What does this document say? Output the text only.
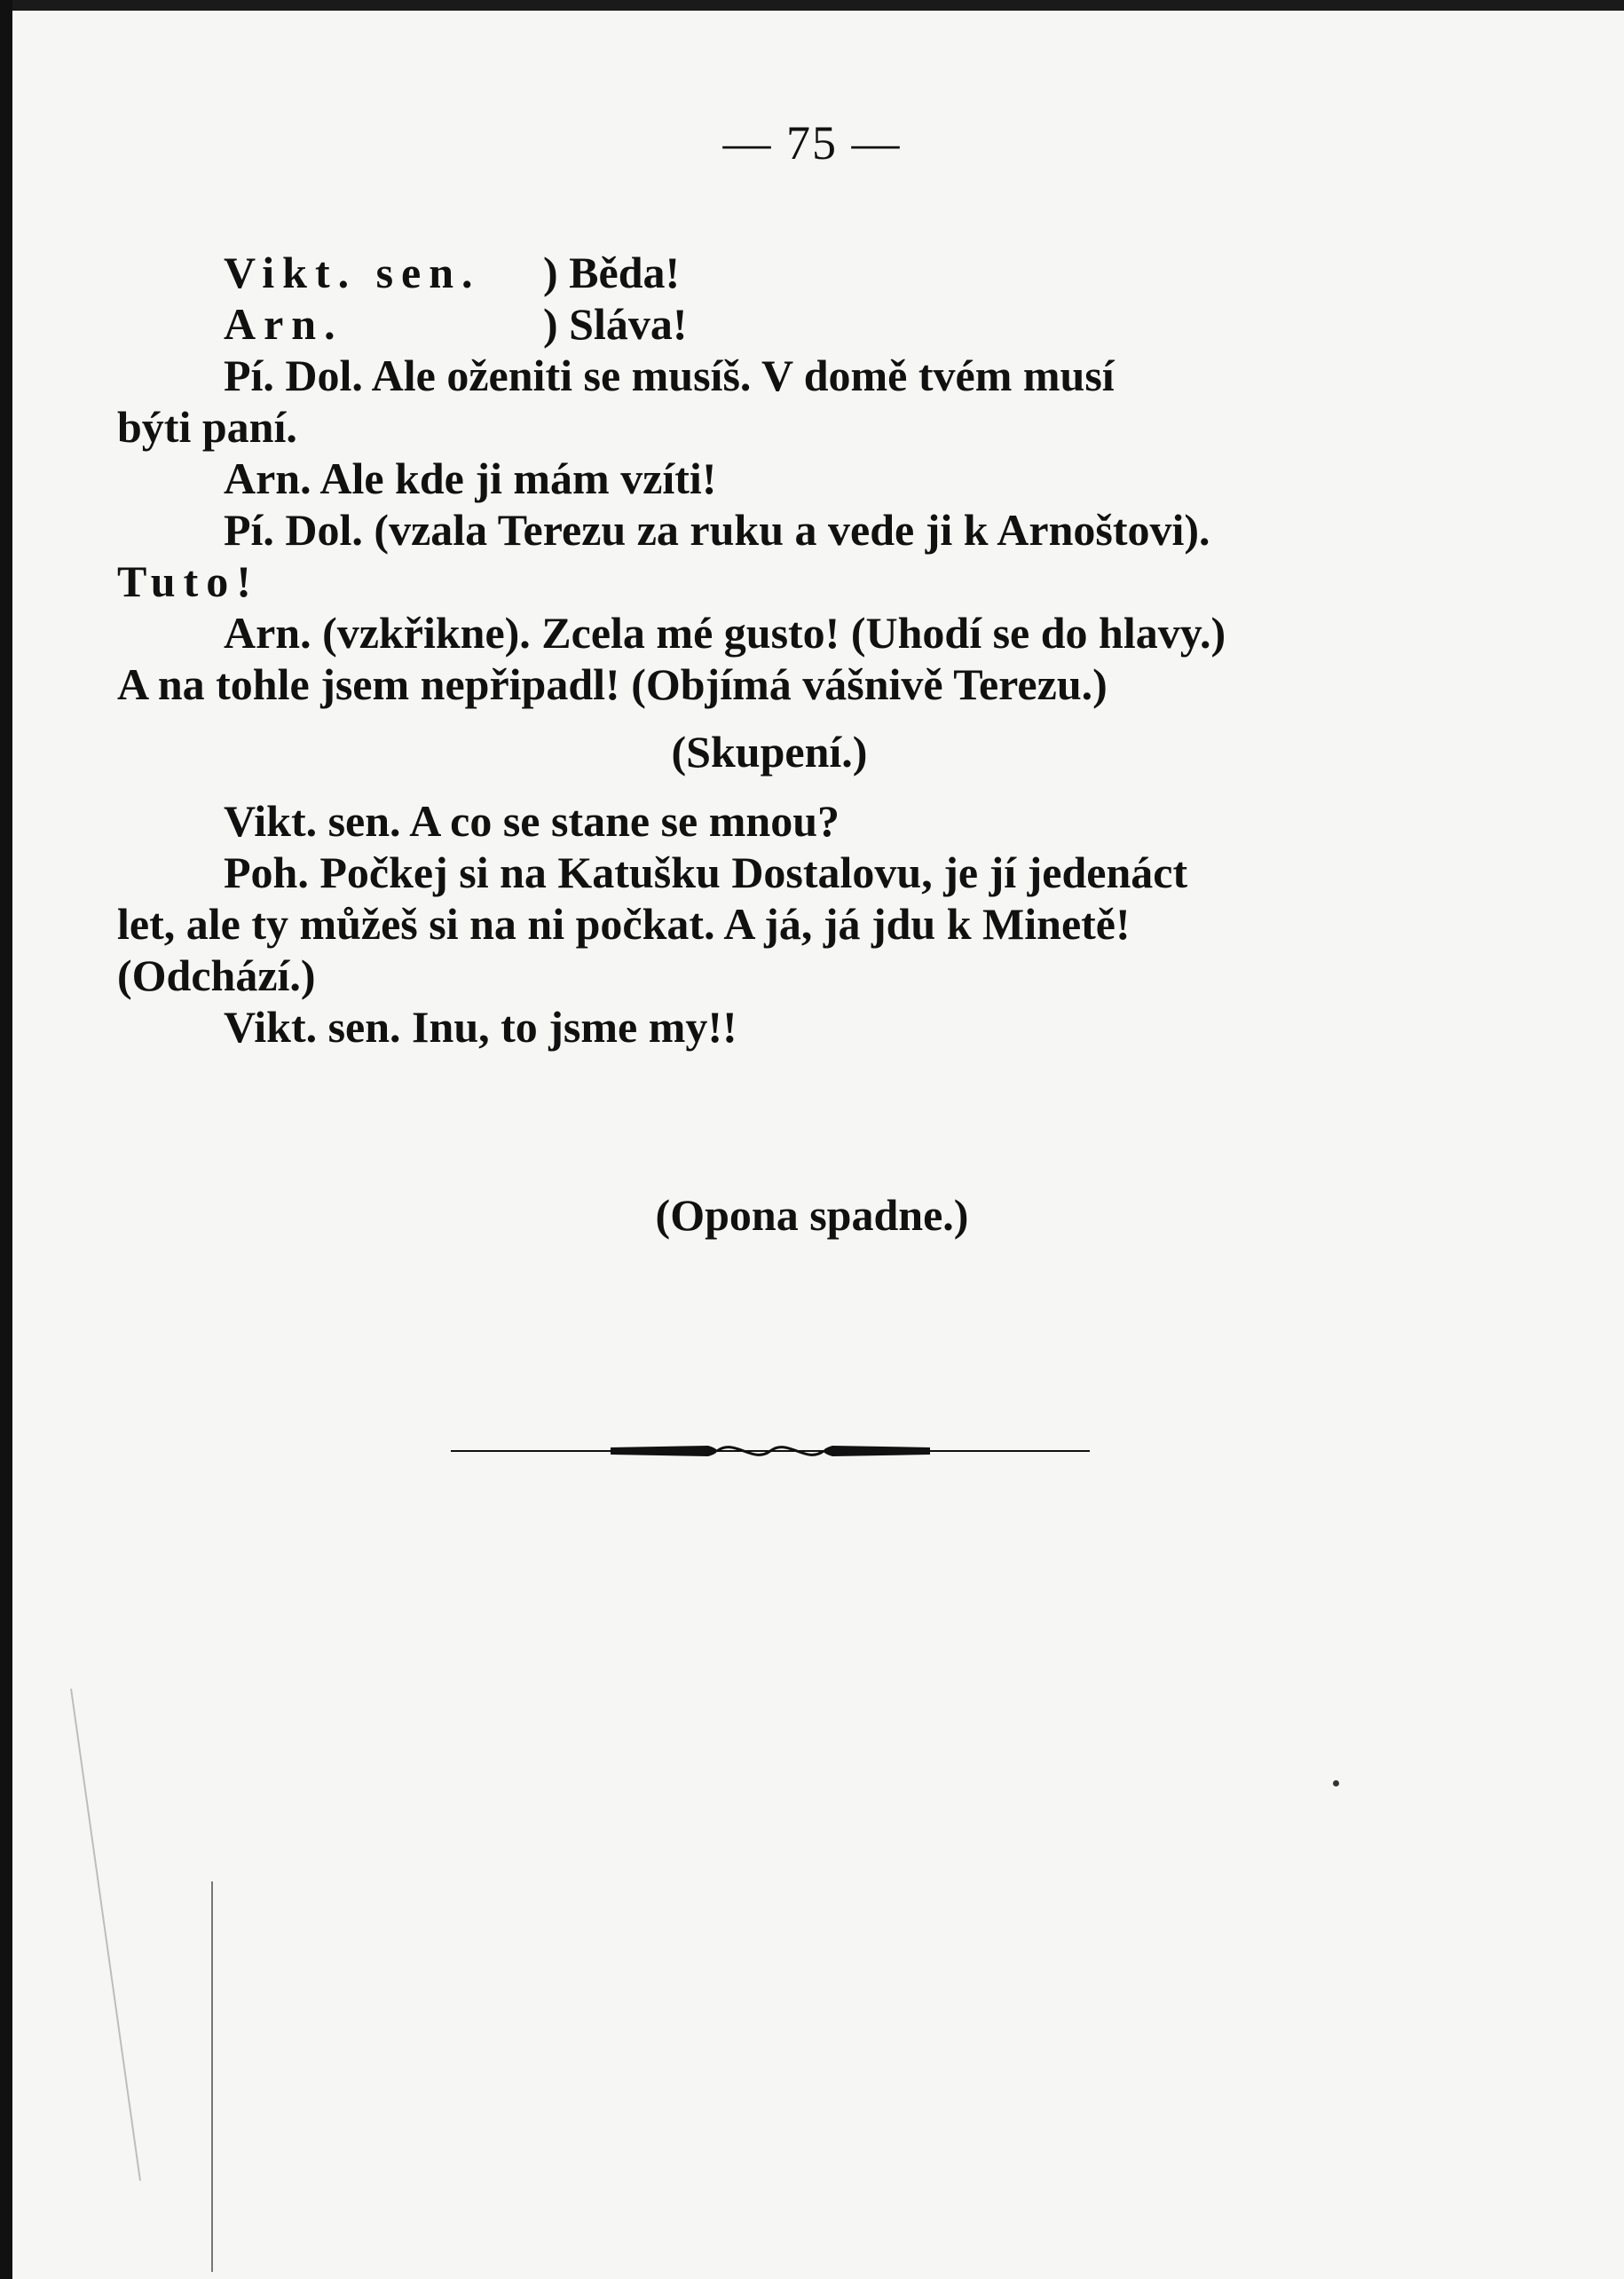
— 75 —
Vikt. sen. ) Běda!
Arn.	) Sláva!
Pí. Dol. Ale oženiti se musíš. V domě tvém musí
býti paní.
Arn. Ale kde ji mám vzíti!
Pí. Dol. (vzala Terezu za ruku a vede ji k Arnoštovi).
Tuto!
Arn. (vzkřikne). Zcela mé gusto! (Uhodí se do hlavy.)
A na tohle jsem nepřipadl! (Objímá vášnivě Terezu.)
(Skupení.)
Vikt. sen. A co se stane se mnou?
Poh. Počkej si na Katušku Dostalovu, je jí jedenáct
let, ale ty můžeš si na ni počkat. A já, já jdu k Minetě!
(Odchází.)
Vikt. sen. Inu, to jsme my!!
(Opona spadne.)
